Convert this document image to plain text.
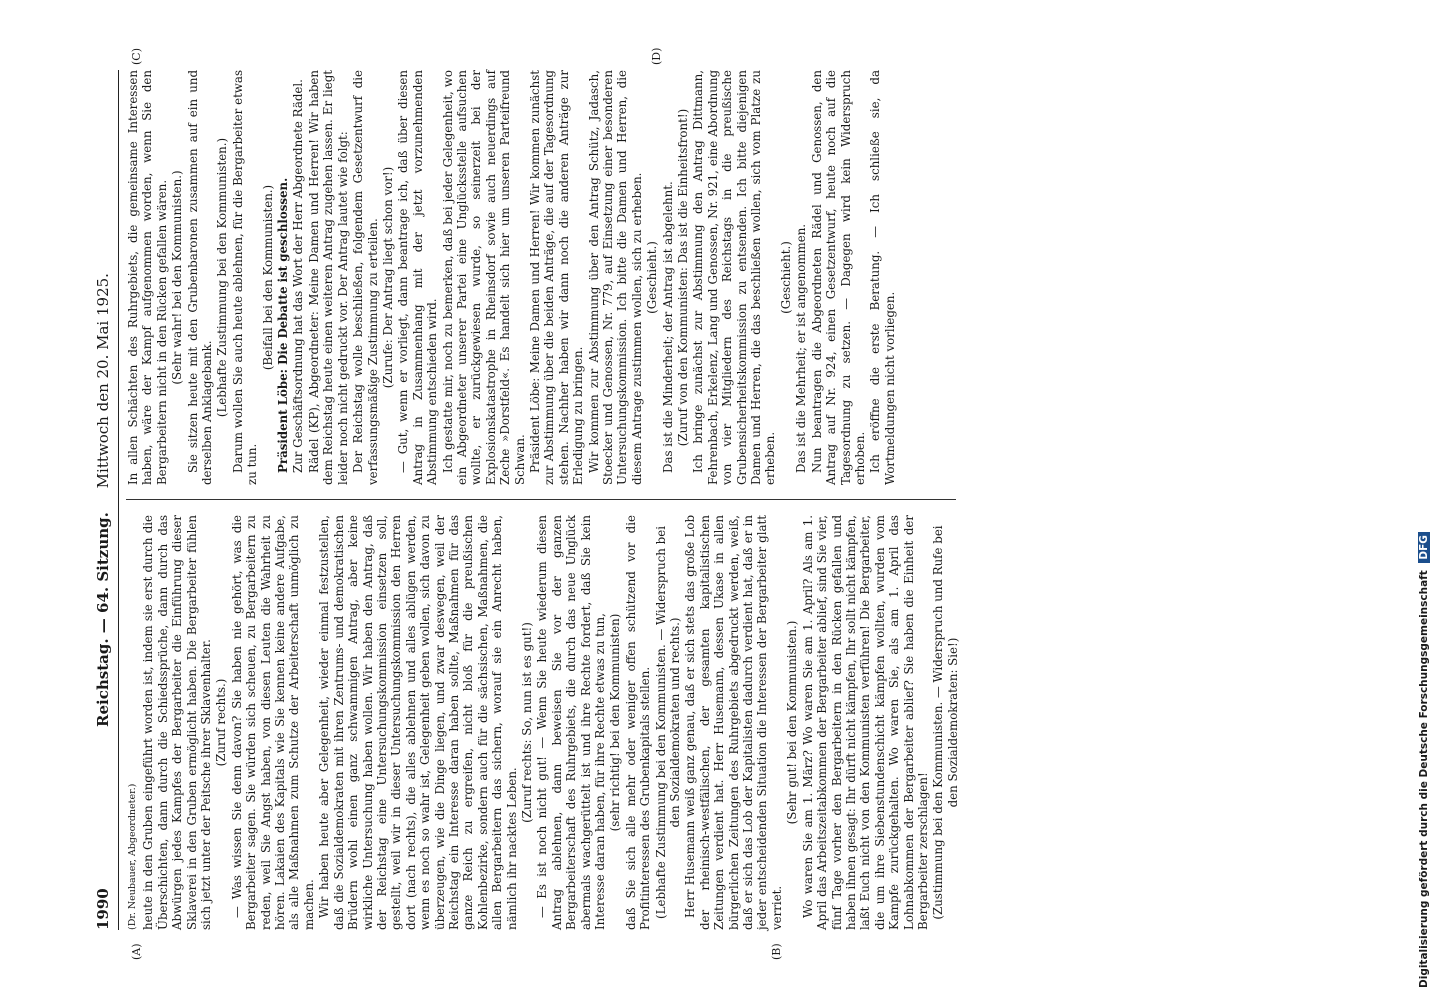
1990
Reichstag. — 64. Sitzung.     Mittwoch den 20. Mai 1925.

(Dr. Neubauer, Abgeordneter.) heute in den Gruben eingeführt worden ist, indem sie erst durch die Überschichten, dann durch die Schiedssprüche, dann durch das Abwürgen jedes Kampfes der Bergarbeiter die Einführung dieser Sklaverei in den Gruben ermöglicht haben. Die Bergarbeiter fühlen sich jetzt unter der Peitsche ihrer Sklavenhalter. (Zuruf rechts.) — Was wissen Sie denn davon? Sie haben nie gehört, was die Bergarbeiter sagen. Sie würden sich scheuen, zu Bergarbeitern zu reden, weil Sie Angst haben, von diesen Leuten die Wahrheit zu hören. Lakaien des Kapitals wie Sie kennen keine andere Aufgabe, als alle Maßnahmen zum Schutze der Arbeiterschaft unmöglich zu machen. Wir haben heute aber Gelegenheit, wieder einmal festzustellen, daß die Sozialdemokraten mit ihren Zentrums- und demokratischen Brüdern wohl einen ganz schwammigen Antrag, aber keine wirkliche Untersuchung haben wollen. Wir haben den Antrag, daß der Reichstag eine Untersuchungskommission einsetzen soll, gestellt, weil wir in dieser Untersuchungskommission den Herren dort (nach rechts), die alles ablehnen und alles ablügen werden, wenn es noch so wahr ist, Gelegenheit geben wollen, sich davon zu überzeugen, wie die Dinge liegen, und zwar deswegen, weil der Reichstag ein Interesse daran haben sollte, Maßnahmen für das ganze Reich zu ergreifen, nicht bloß für die preußischen Kohlenbezirke, sondern auch für die sächsischen, Maßnahmen, die allen Bergarbeitern das sichern, worauf sie ein Anrecht haben, nämlich ihr nacktes Leben.

(Zuruf rechts: So, nun ist es gut!) — Es ist noch nicht gut! — Wenn Sie heute wiederum diesen Antrag ablehnen, dann beweisen Sie vor der ganzen Bergarbeiterschaft des Ruhrgebiets, die durch das neue Unglück abermals wachgerüttelt ist und ihre Rechte fordert, daß Sie kein Interesse daran haben, für ihre Rechte etwas zu tun, (sehr richtig! bei den Kommunisten) daß Sie sich alle mehr oder weniger offen schützend vor die Profitinteressen des Grubenkapitals stellen. (Lebhafte Zustimmung bei den Kommunisten. — Widerspruch bei den Sozialdemokraten und rechts.) Herr Husemann weiß ganz genau, daß er sich stets das große Lob der rheinisch-westfälischen, der gesamten kapitalistischen Zeitungen verdient hat. Herr Husemann, dessen Ukase in allen bürgerlichen Zeitungen des Ruhrgebiets abgedruckt werden, weiß, daß er sich das Lob der Kapitalisten dadurch verdient hat, daß er in jeder entscheidenden Situation die Interessen der Bergarbeiter glatt verriet.

(Sehr gut! bei den Kommunisten.) Wo waren Sie am 1. März? Wo waren Sie am 1. April? Als am 1. April das Arbeitszeitabkommen der Bergarbeiter ablief, sind Sie vier, fünf Tage vorher den Bergarbeitern in den Rücken gefallen und haben ihnen gesagt: Ihr dürft nicht kämpfen, Ihr sollt nicht kämpfen, laßt Euch nicht von den Kommunisten verführen! Die Bergarbeiter, die um ihre Siebenstundenschicht kämpfen wollten, wurden vom Kampfe zurückgehalten. Wo waren Sie, als am 1. April das Lohnabkommen der Bergarbeiter ablief? Sie haben die Einheit der Bergarbeiter zerschlagen! (Zustimmung bei den Kommunisten. — Widerspruch und Rufe bei den Sozialdemokraten: Sie!)

In allen Schächten des Ruhrgebiets, die gemeinsame Interessen haben, wäre der Kampf aufgenommen worden, wenn Sie den Bergarbeitern nicht in den Rücken gefallen wären. (Sehr wahr! bei den Kommunisten.) Sie sitzen heute mit den Grubenbaronen zusammen auf ein und derselben Anklagebank. (Lebhafte Zustimmung bei den Kommunisten.) Darum wollen Sie auch heute ablehnen, für die Bergarbeiter etwas zu tun.

(Beifall bei den Kommunisten.) Präsident Löbe: Die Debatte ist geschlossen. Zur Geschäftsordnung hat das Wort der Herr Abgeordnete Rädel. Rädel (KP), Abgeordneter: Meine Damen und Herren! Wir haben dem Reichstag heute einen weiteren Antrag zugehen lassen. Er liegt leider noch nicht gedruckt vor. Der Antrag lautet wie folgt: Der Reichstag wolle beschließen, folgendem Gesetzentwurf die verfassungsmäßige Zustimmung zu erteilen. (Zurufe: Der Antrag liegt schon vor!) — Gut, wenn er vorliegt, dann beantrage ich, daß über diesen Antrag in Zusammenhang mit der jetzt vorzunehmenden Abstimmung entschieden wird. Ich gestatte mir, noch zu bemerken, daß bei jeder Gelegenheit, wo ein Abgeordneter unserer Partei eine Unglücksstelle aufsuchen wollte, er zurückgewiesen wurde, so seinerzeit bei der Explosionskatastrophe in Rheinsdorf sowie auch neuerdings auf Zeche »Dorstfeld«. Es handelt sich hier um unseren Parteifreund Schwan. Präsident Löbe: Meine Damen und Herren! Wir kommen zunächst zur Abstimmung über die beiden Anträge, die auf der Tagesordnung stehen. Nachher haben wir dann noch die anderen Anträge zur Erledigung zu bringen. Wir kommen zur Abstimmung über den Antrag Schütz, Jadasch, Stoecker und Genossen, Nr. 779, auf Einsetzung einer besonderen Untersuchungskommission. Ich bitte die Damen und Herren, die diesem Antrage zustimmen wollen, sich zu erheben. (Geschieht.) Das ist die Minderheit; der Antrag ist abgelehnt. (Zuruf von den Kommunisten: Das ist die Einheitsfront!) Ich bringe zunächst zur Abstimmung den Antrag Dittmann, Fehrenbach, Erkelenz, Lang und Genossen, Nr. 921, eine Abordnung von vier Mitgliedern des Reichstags in die preußische Grubensicherheitskommission zu entsenden. Ich bitte diejenigen Damen und Herren, die das beschließen wollen, sich vom Platze zu erheben.

(Geschieht.) Das ist die Mehrheit; er ist angenommen. Nun beantragen die Abgeordneten Rädel und Genossen, den Antrag auf Nr. 924, einen Gesetzentwurf, heute noch auf die Tagesordnung zu setzen. — Dagegen wird kein Widerspruch erhoben. Ich eröffne die erste Beratung. — Ich schließe sie, da Wortmeldungen nicht vorliegen.

(A)	(B)
(C)	(D)
Digitalisierung gefördert durch die Deutsche Forschungsgemeinschaft DFG
